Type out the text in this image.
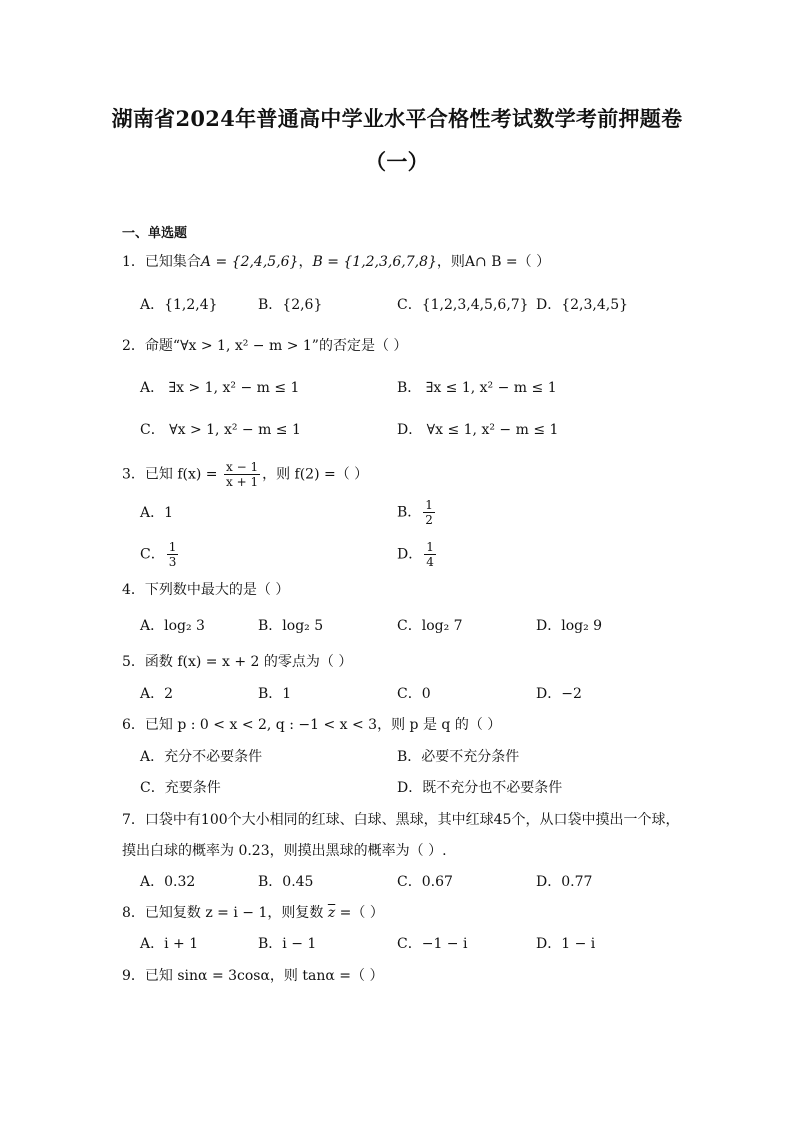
湖南省2024年普通高中学业水平合格性考试数学考前押题卷
（一）
一、单选题
1．已知集合A = {2,4,5,6}，B = {1,2,3,6,7,8}，则A∩ B =（ ）
A．{1,2,4}	B．{2,6}	C．{1,2,3,4,5,6,7} D．{2,3,4,5}
2．命题“∀x > 1, x² − m > 1”的否定是（ ）
A． ∃x > 1, x² − m ≤ 1	B． ∃x ≤ 1, x² − m ≤ 1
C． ∀x > 1, x² − m ≤ 1	D． ∀x ≤ 1, x² − m ≤ 1
3．已知 $f(x) = \frac{x - 1}{x + 1}$ ，则 f(2) =（ ）
A．1	B． $\frac{1}{2}$
C． $\frac{1}{3}$	D． $\frac{1}{4}$
4．下列数中最大的是（ ）
A．log₂ 3	B．log₂ 5	C．log₂ 7	D．log₂ 9
5．函数 f(x) = x + 2 的零点为（ ）
A．2	B．1	C．0	D．−2
6．已知 p : 0 < x < 2, q : −1 < x < 3，则 p 是 q 的（ ）
A．充分不必要条件	B．必要不充分条件
C．充要条件	D．既不充分也不必要条件
7．口袋中有100个大小相同的红球、白球、黑球，其中红球45个，从口袋中摸出一个球，
摸出白球的概率为 0.23，则摸出黑球的概率为（ ）.
A．0.32	B．0.45	C．0.67	D．0.77
8．已知复数 z = i − 1，则复数 $\overline{z}$ =（ ）
A．i + 1	B．i − 1	C．−1 − i	D．1 − i
9．已知 sinα = 3cosα，则 tanα =（ ）
